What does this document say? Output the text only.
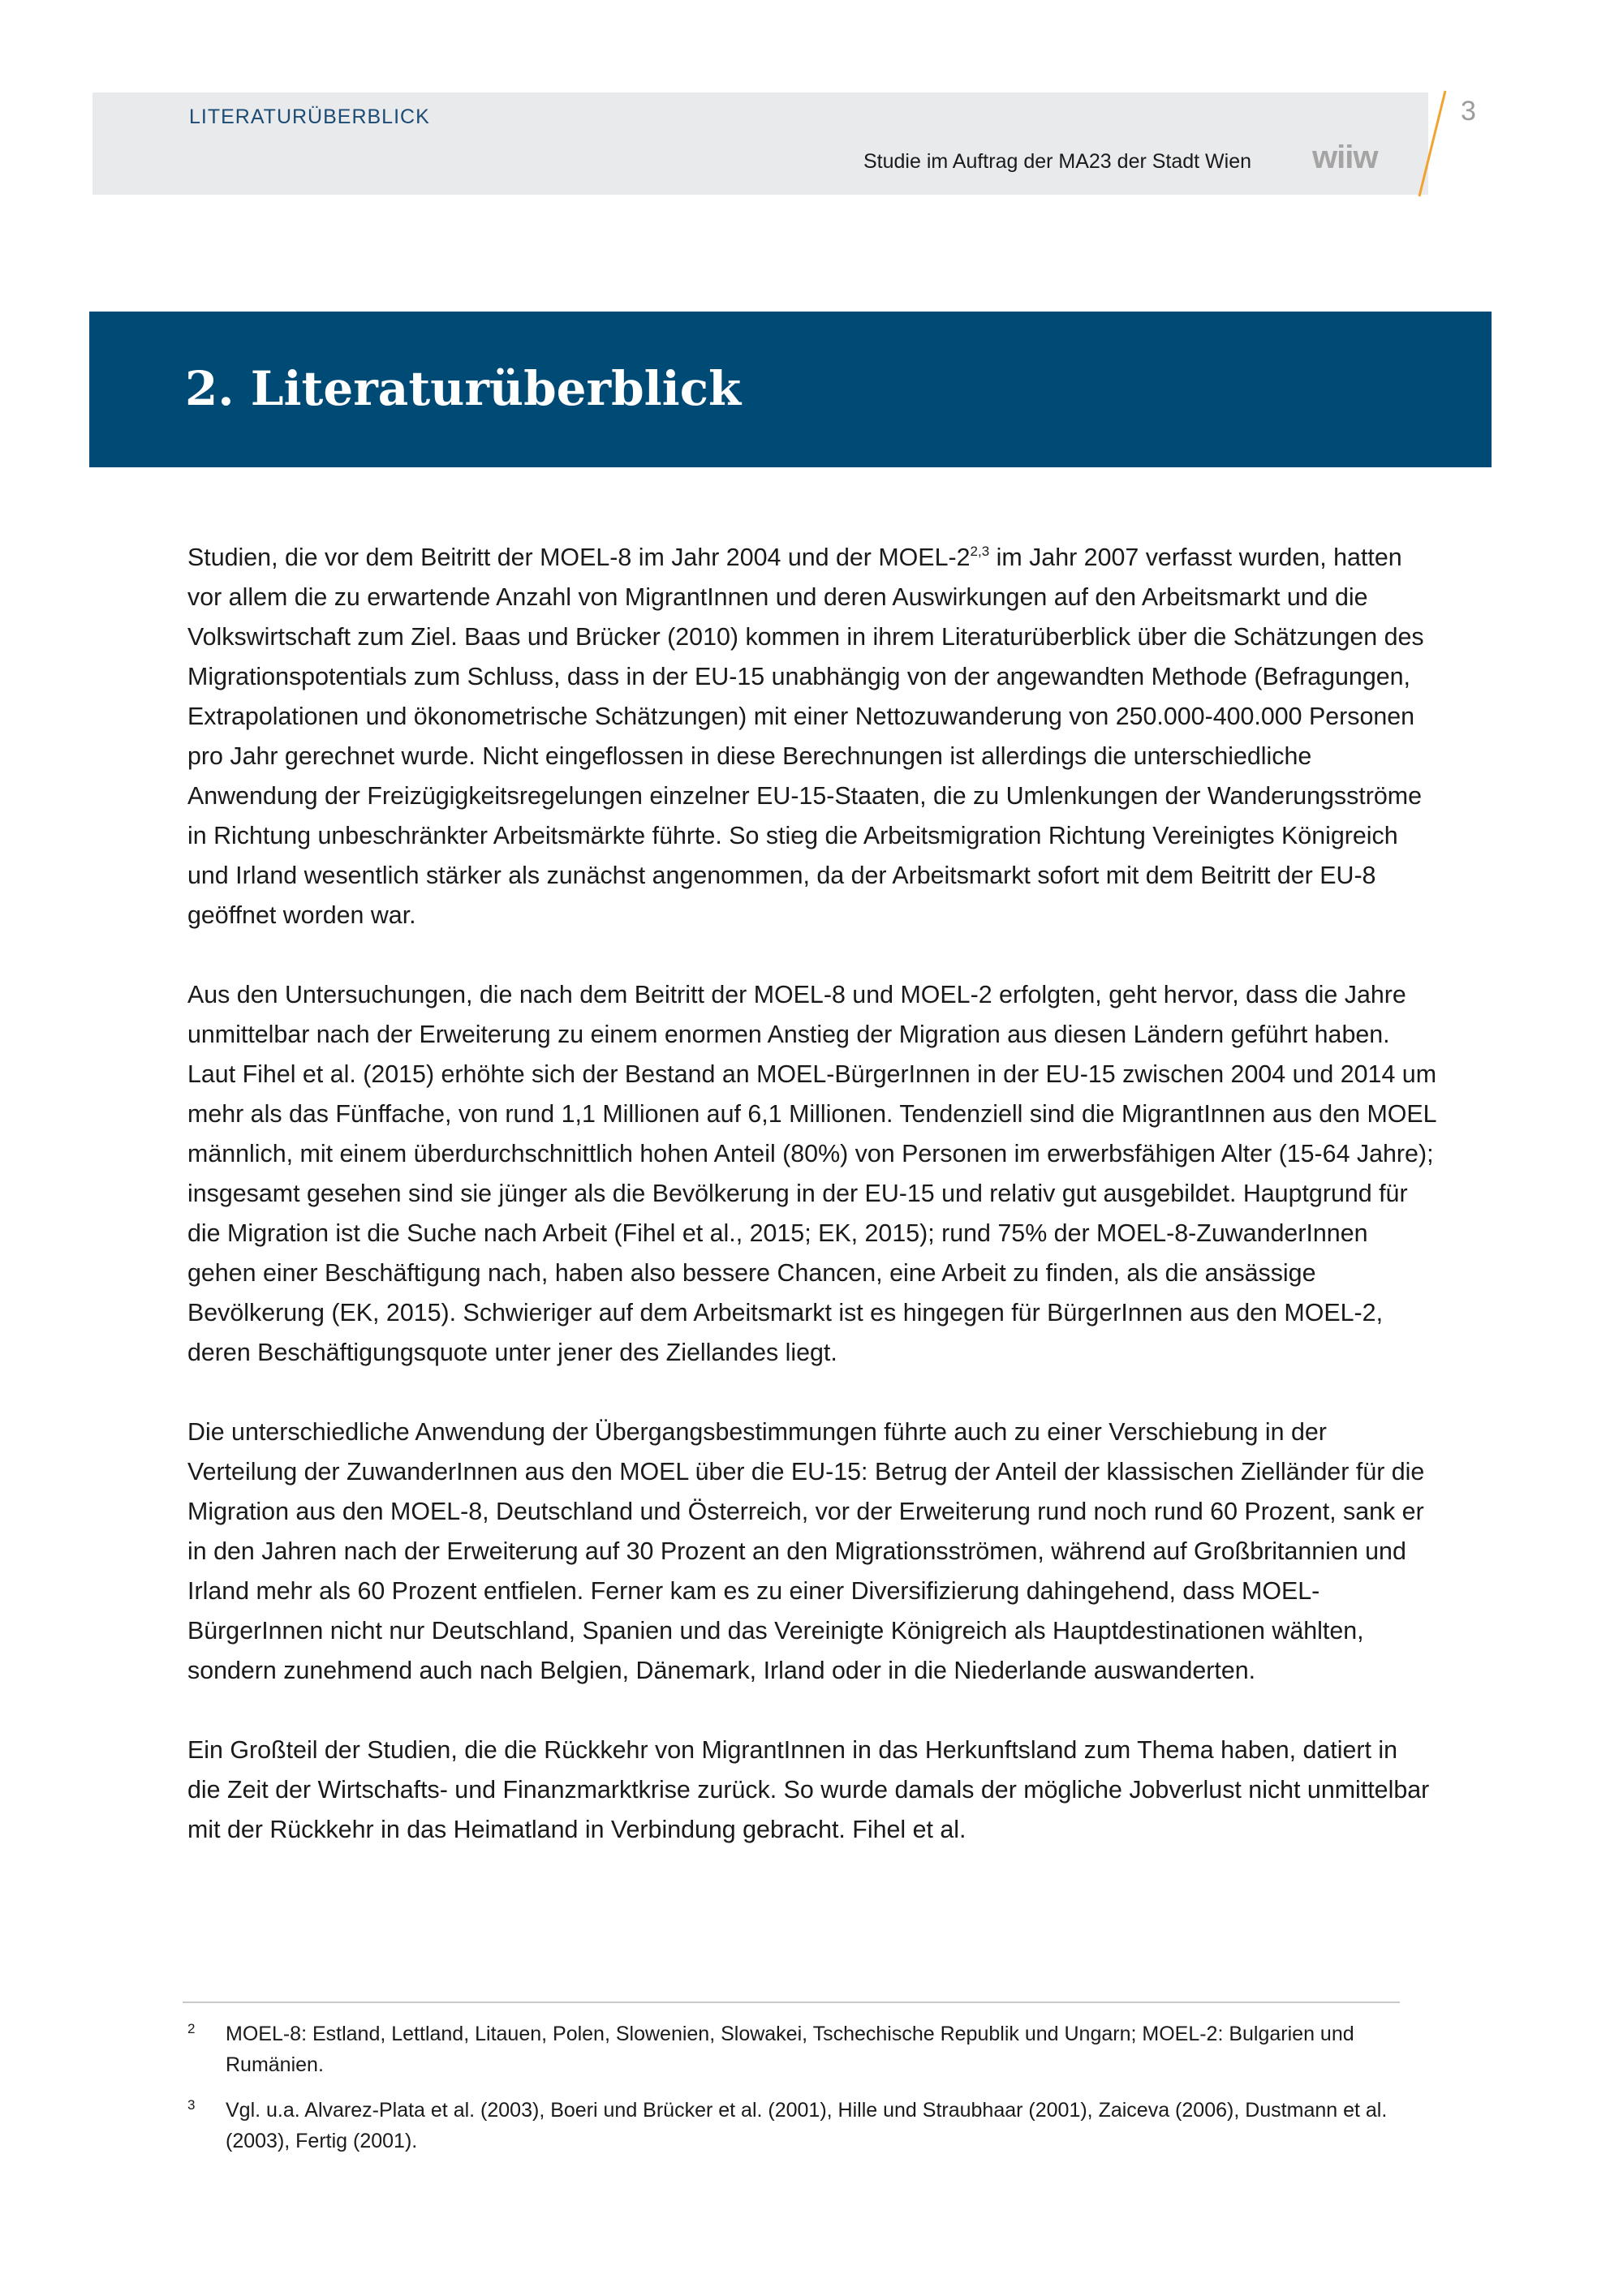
LITERATURÜBERBLICK
Studie im Auftrag der MA23 der Stadt Wien wiiw
3
2. Literaturüberblick

Studien, die vor dem Beitritt der MOEL-8 im Jahr 2004 und der MOEL-2$^{2,3}$ im Jahr 2007 verfasst wurden, hatten vor allem die zu erwartende Anzahl von MigrantInnen und deren Auswirkungen auf den Arbeitsmarkt und die Volkswirtschaft zum Ziel. Baas und Brücker (2010) kommen in ihrem Literaturüberblick über die Schätzungen des Migrationspotentials zum Schluss, dass in der EU-15 unabhängig von der angewandten Methode (Befragungen, Extrapolationen und ökonometrische Schätzungen) mit einer Nettozuwanderung von 250.000-400.000 Personen pro Jahr gerechnet wurde. Nicht eingeflossen in diese Berechnungen ist allerdings die unterschiedliche Anwendung der Freizügigkeitsregelungen einzelner EU-15-Staaten, die zu Umlenkungen der Wanderungsströme in Richtung unbeschränkter Arbeitsmärkte führte. So stieg die Arbeitsmigration Richtung Vereinigtes Königreich und Irland wesentlich stärker als zunächst angenommen, da der Arbeitsmarkt sofort mit dem Beitritt der EU-8 geöffnet worden war.

Aus den Untersuchungen, die nach dem Beitritt der MOEL-8 und MOEL-2 erfolgten, geht hervor, dass die Jahre unmittelbar nach der Erweiterung zu einem enormen Anstieg der Migration aus diesen Ländern geführt haben. Laut Fihel et al. (2015) erhöhte sich der Bestand an MOEL-BürgerInnen in der EU-15 zwischen 2004 und 2014 um mehr als das Fünffache, von rund 1,1 Millionen auf 6,1 Millionen. Tendenziell sind die MigrantInnen aus den MOEL männlich, mit einem überdurchschnittlich hohen Anteil (80%) von Personen im erwerbsfähigen Alter (15-64 Jahre); insgesamt gesehen sind sie jünger als die Bevölkerung in der EU-15 und relativ gut ausgebildet. Hauptgrund für die Migration ist die Suche nach Arbeit (Fihel et al., 2015; EK, 2015); rund 75% der MOEL-8-ZuwanderInnen gehen einer Beschäftigung nach, haben also bessere Chancen, eine Arbeit zu finden, als die ansässige Bevölkerung (EK, 2015). Schwieriger auf dem Arbeitsmarkt ist es hingegen für BürgerInnen aus den MOEL-2, deren Beschäftigungsquote unter jener des Ziellandes liegt.

Die unterschiedliche Anwendung der Übergangsbestimmungen führte auch zu einer Verschiebung in der Verteilung der ZuwanderInnen aus den MOEL über die EU-15: Betrug der Anteil der klassischen Zielländer für die Migration aus den MOEL-8, Deutschland und Österreich, vor der Erweiterung rund noch rund 60 Prozent, sank er in den Jahren nach der Erweiterung auf 30 Prozent an den Migrationsströmen, während auf Großbritannien und Irland mehr als 60 Prozent entfielen. Ferner kam es zu einer Diversifizierung dahingehend, dass MOEL-BürgerInnen nicht nur Deutschland, Spanien und das Vereinigte Königreich als Hauptdestinationen wählten, sondern zunehmend auch nach Belgien, Dänemark, Irland oder in die Niederlande auswanderten.

Ein Großteil der Studien, die die Rückkehr von MigrantInnen in das Herkunftsland zum Thema haben, datiert in die Zeit der Wirtschafts- und Finanzmarktkrise zurück. So wurde damals der mögliche Jobverlust nicht unmittelbar mit der Rückkehr in das Heimatland in Verbindung gebracht. Fihel et al.

2 MOEL-8: Estland, Lettland, Litauen, Polen, Slowenien, Slowakei, Tschechische Republik und Ungarn; MOEL-2: Bulgarien und Rumänien.
3 Vgl. u.a. Alvarez-Plata et al. (2003), Boeri und Brücker et al. (2001), Hille und Straubhaar (2001), Zaiceva (2006), Dustmann et al. (2003), Fertig (2001).
